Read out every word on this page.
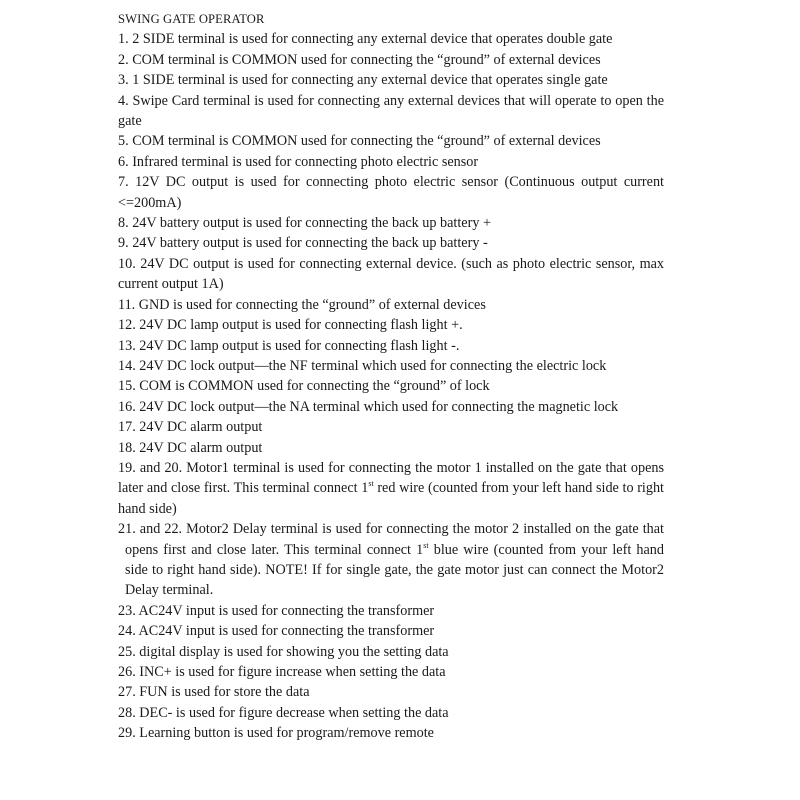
SWING GATE OPERATOR
1. 2 SIDE terminal is used for connecting any external device that operates double gate
2. COM terminal is COMMON used for connecting the “ground” of external devices
3. 1 SIDE terminal is used for connecting any external device that operates single gate
4. Swipe Card terminal is used for connecting any external devices that will operate to open the gate
5. COM terminal is COMMON used for connecting the “ground” of external devices
6. Infrared terminal is used for connecting photo electric sensor
7. 12V DC output is used for connecting photo electric sensor (Continuous output current <=200mA)
8. 24V battery output is used for connecting the back up battery +
9. 24V battery output is used for connecting the back up battery -
10. 24V DC output is used for connecting external device. (such as photo electric sensor, max current output 1A)
11. GND is used for connecting the “ground” of external devices
12. 24V DC lamp output is used for connecting flash light +.
13. 24V DC lamp output is used for connecting flash light -.
14. 24V DC lock output—the NF terminal which used for connecting the electric lock
15. COM is COMMON used for connecting the “ground” of lock
16. 24V DC lock output—the NA terminal which used for connecting the magnetic lock
17. 24V DC alarm output
18. 24V DC alarm output
19. and 20. Motor1 terminal is used for connecting the motor 1 installed on the gate that opens later and close first. This terminal connect 1st red wire (counted from your left hand side to right hand side)
21. and 22. Motor2 Delay terminal is used for connecting the motor 2 installed on the gate that opens first and close later. This terminal connect 1st blue wire (counted from your left hand side to right hand side). NOTE! If for single gate, the gate motor just can connect the Motor2 Delay terminal.
23. AC24V input is used for connecting the transformer
24. AC24V input is used for connecting the transformer
25. digital display is used for showing you the setting data
26. INC+ is used for figure increase when setting the data
27. FUN is used for store the data
28. DEC- is used for figure decrease when setting the data
29. Learning button is used for program/remove remote
